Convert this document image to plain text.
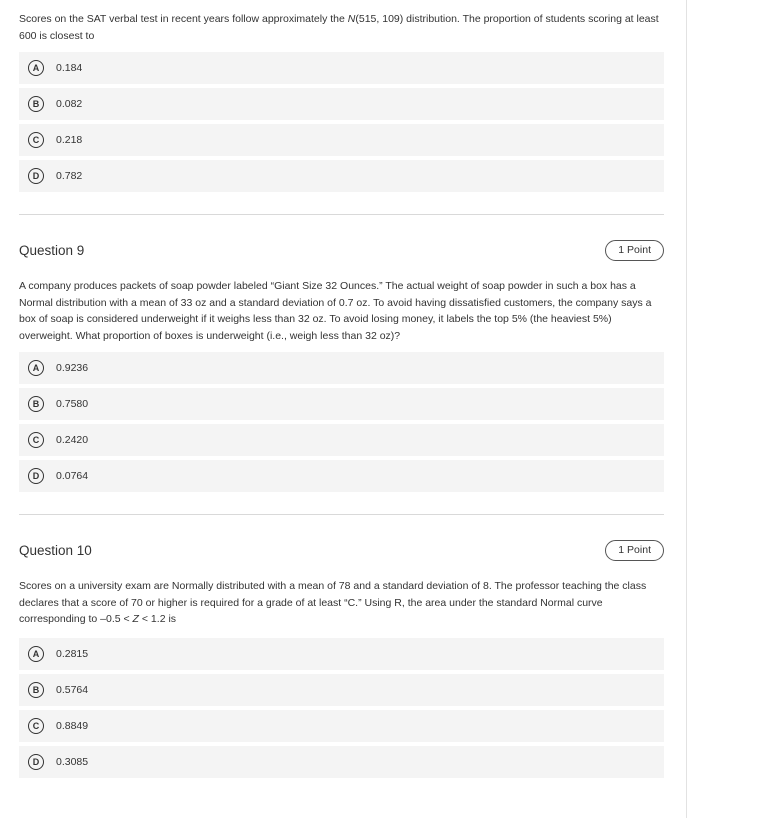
Scores on the SAT verbal test in recent years follow approximately the N(515, 109) distribution. The proportion of students scoring at least 600 is closest to

A	0.184
B	0.082
C	0.218
D	0.782
Question 9	1 Point

A company produces packets of soap powder labeled “Giant Size 32 Ounces.” The actual weight of soap powder in such a box has a Normal distribution with a mean of 33 oz and a standard deviation of 0.7 oz. To avoid having dissatisfied customers, the company says a box of soap is considered underweight if it weighs less than 32 oz. To avoid losing money, it labels the top 5% (the heaviest 5%) overweight. What proportion of boxes is underweight (i.e., weigh less than 32 oz)?

A	0.9236
B	0.7580
C	0.2420
D	0.0764
Question 10	1 Point

Scores on a university exam are Normally distributed with a mean of 78 and a standard deviation of 8. The professor teaching the class declares that a score of 70 or higher is required for a grade of at least “C.” Using R, the area under the standard Normal curve corresponding to –0.5 < Z < 1.2 is

A	0.2815
B	0.5764
C	0.8849
D	0.3085
